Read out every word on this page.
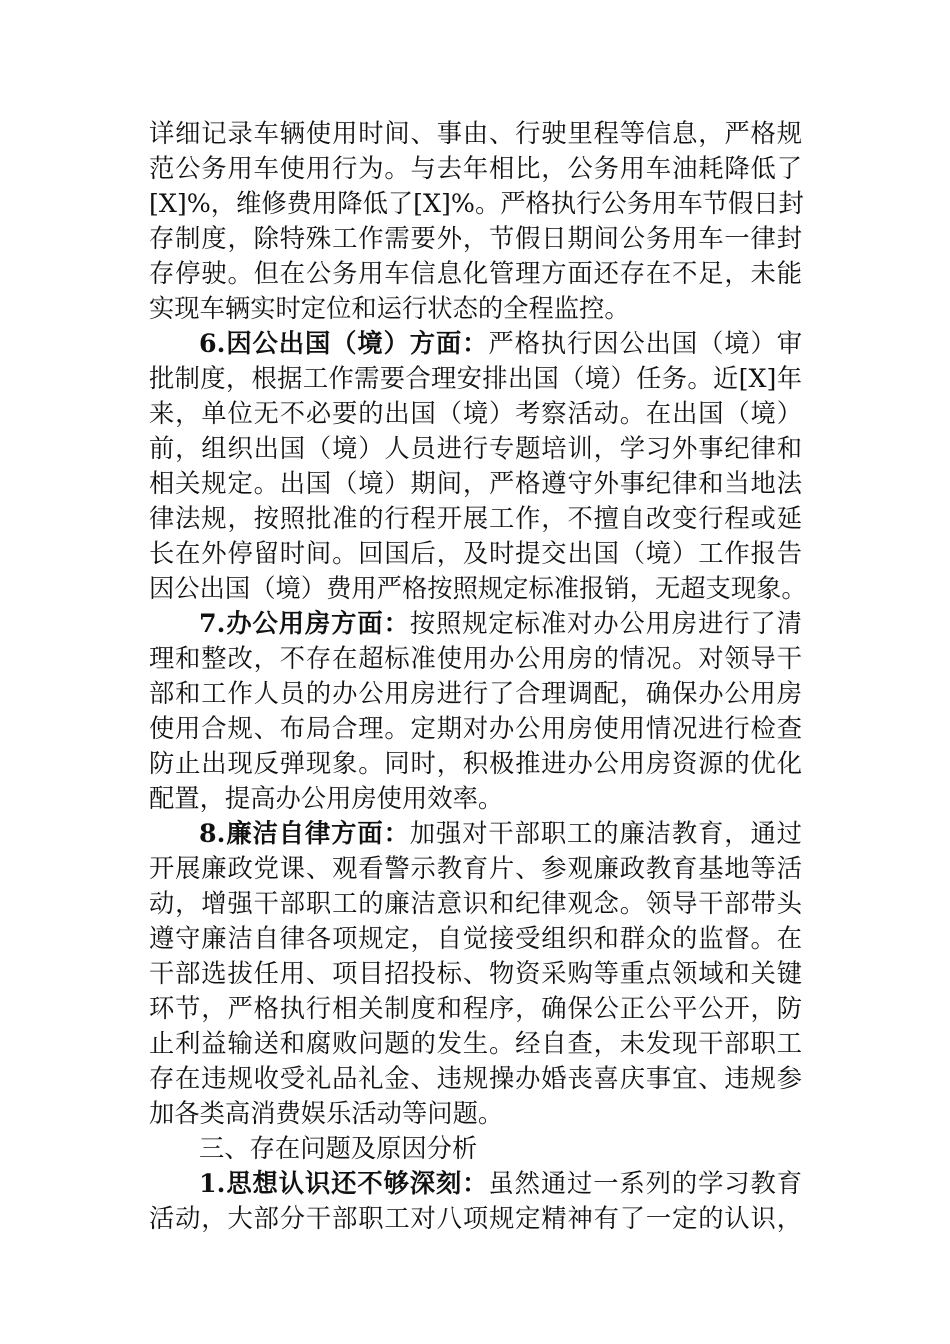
详细记录车辆使用时间、事由、行驶里程等信息，严格规
范公务用车使用行为。与去年相比，公务用车油耗降低了
[X]%，维修费用降低了[X]%。严格执行公务用车节假日封
存制度，除特殊工作需要外，节假日期间公务用车一律封
存停驶。但在公务用车信息化管理方面还存在不足，未能
实现车辆实时定位和运行状态的全程监控。
6.因公出国（境）方面：严格执行因公出国（境）审
批制度，根据工作需要合理安排出国（境）任务。近[X]年
来，单位无不必要的出国（境）考察活动。在出国（境）
前，组织出国（境）人员进行专题培训，学习外事纪律和
相关规定。出国（境）期间，严格遵守外事纪律和当地法
律法规，按照批准的行程开展工作，不擅自改变行程或延
长在外停留时间。回国后，及时提交出国（境）工作报告
因公出国（境）费用严格按照规定标准报销，无超支现象。
7.办公用房方面：按照规定标准对办公用房进行了清
理和整改，不存在超标准使用办公用房的情况。对领导干
部和工作人员的办公用房进行了合理调配，确保办公用房
使用合规、布局合理。定期对办公用房使用情况进行检查
防止出现反弹现象。同时，积极推进办公用房资源的优化
配置，提高办公用房使用效率。
8.廉洁自律方面：加强对干部职工的廉洁教育，通过
开展廉政党课、观看警示教育片、参观廉政教育基地等活
动，增强干部职工的廉洁意识和纪律观念。领导干部带头
遵守廉洁自律各项规定，自觉接受组织和群众的监督。在
干部选拔任用、项目招投标、物资采购等重点领域和关键
环节，严格执行相关制度和程序，确保公正公平公开，防
止利益输送和腐败问题的发生。经自查，未发现干部职工
存在违规收受礼品礼金、违规操办婚丧喜庆事宜、违规参
加各类高消费娱乐活动等问题。
三、存在问题及原因分析
1.思想认识还不够深刻：虽然通过一系列的学习教育
活动，大部分干部职工对八项规定精神有了一定的认识，
